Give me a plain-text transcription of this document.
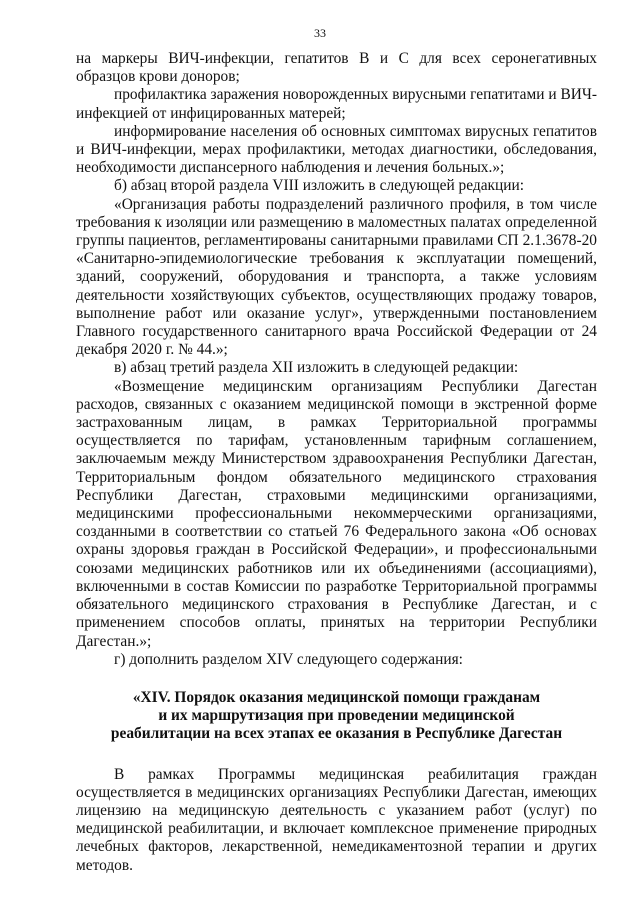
33

на маркеры ВИЧ-инфекции, гепатитов В и С для всех серонегативных образцов крови доноров;

профилактика заражения новорожденных вирусными гепатитами и ВИЧ-инфекцией от инфицированных матерей;

информирование населения об основных симптомах вирусных гепатитов и ВИЧ-инфекции, мерах профилактики, методах диагностики, обследования, необходимости диспансерного наблюдения и лечения больных.»;

б) абзац второй раздела VIII изложить в следующей редакции:

«Организация работы подразделений различного профиля, в том числе требования к изоляции или размещению в маломестных палатах определенной группы пациентов, регламентированы санитарными правилами СП 2.1.3678-20 «Санитарно-эпидемиологические требования к эксплуатации помещений, зданий, сооружений, оборудования и транспорта, а также условиям деятельности хозяйствующих субъектов, осуществляющих продажу товаров, выполнение работ или оказание услуг», утвержденными постановлением Главного государственного санитарного врача Российской Федерации от 24 декабря 2020 г. № 44.»;

в) абзац третий раздела XII изложить в следующей редакции:

«Возмещение медицинским организациям Республики Дагестан расходов, связанных с оказанием медицинской помощи в экстренной форме застрахованным лицам, в рамках Территориальной программы осуществляется по тарифам, установленным тарифным соглашением, заключаемым между Министерством здравоохранения Республики Дагестан, Территориальным фондом обязательного медицинского страхования Республики Дагестан, страховыми медицинскими организациями, медицинскими профессиональными некоммерческими организациями, созданными в соответствии со статьей 76 Федерального закона «Об основах охраны здоровья граждан в Российской Федерации», и профессиональными союзами медицинских работников или их объединениями (ассоциациями), включенными в состав Комиссии по разработке Территориальной программы обязательного медицинского страхования в Республике Дагестан, и с применением способов оплаты, принятых на территории Республики Дагестан.»;

г) дополнить разделом XIV следующего содержания:

«XIV. Порядок оказания медицинской помощи гражданам
и их маршрутизация при проведении медицинской
реабилитации на всех этапах ее оказания в Республике Дагестан

В рамках Программы медицинская реабилитация граждан осуществляется в медицинских организациях Республики Дагестан, имеющих лицензию на медицинскую деятельность с указанием работ (услуг) по медицинской реабилитации, и включает комплексное применение природных лечебных факторов, лекарственной, немедикаментозной терапии и других методов.
